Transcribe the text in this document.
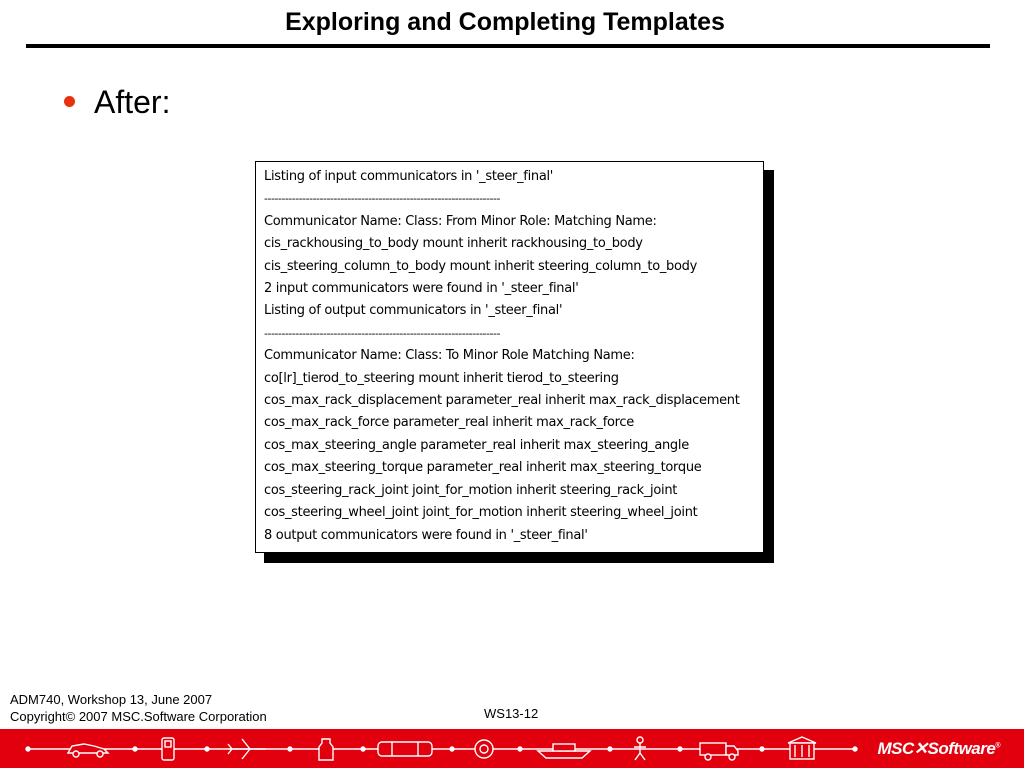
Exploring and Completing Templates
After:
Listing of input communicators in '_steer_final'
--------------------------------------------------------------------
Communicator Name: Class: From Minor Role: Matching Name:
cis_rackhousing_to_body mount inherit rackhousing_to_body
cis_steering_column_to_body mount inherit steering_column_to_body
2 input communicators were found in '_steer_final'
Listing of output communicators in '_steer_final'
--------------------------------------------------------------------
Communicator Name: Class: To Minor Role Matching Name:
co[lr]_tierod_to_steering mount inherit tierod_to_steering
cos_max_rack_displacement parameter_real inherit max_rack_displacement
cos_max_rack_force parameter_real inherit max_rack_force
cos_max_steering_angle parameter_real inherit max_steering_angle
cos_max_steering_torque parameter_real inherit max_steering_torque
cos_steering_rack_joint joint_for_motion inherit steering_rack_joint
cos_steering_wheel_joint joint_for_motion inherit steering_wheel_joint
8 output communicators were found in '_steer_final'
ADM740, Workshop 13, June 2007
Copyright© 2007 MSC.Software Corporation	WS13-12
MSC✕Software®
